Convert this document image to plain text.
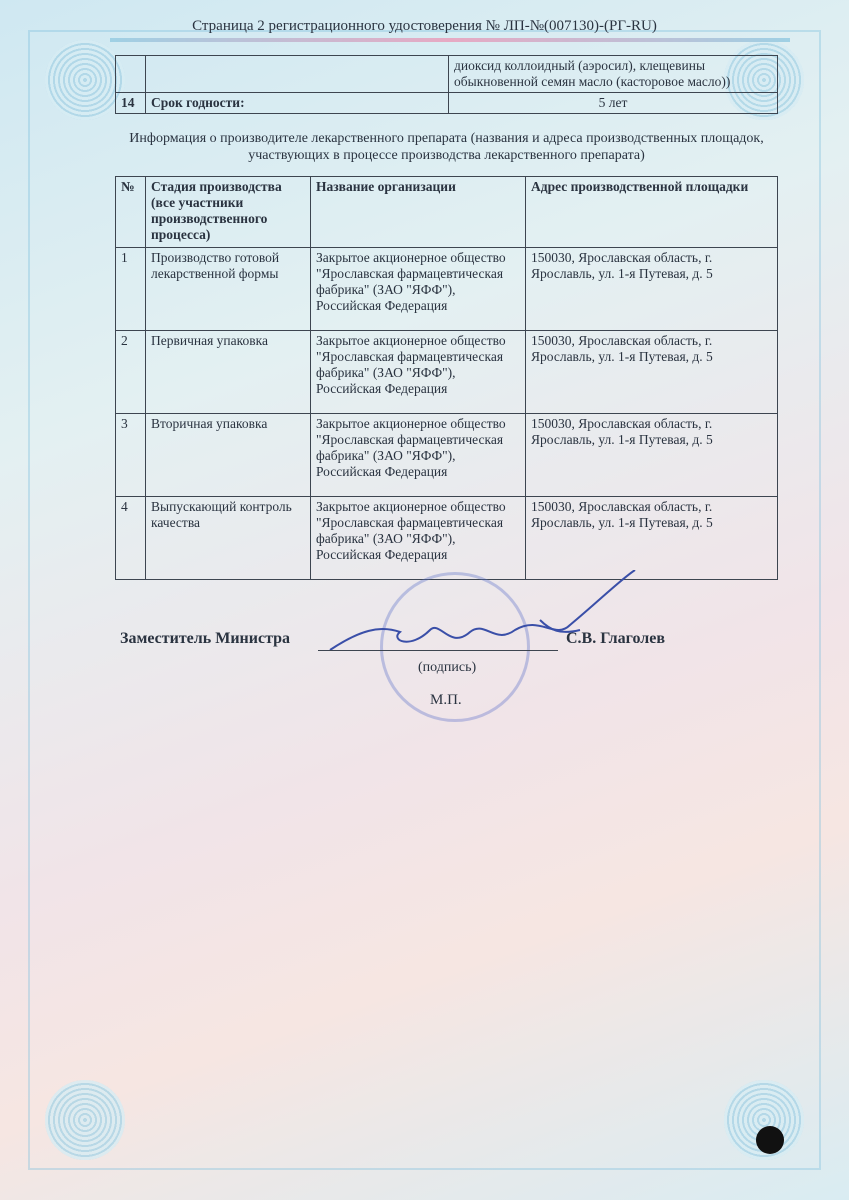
Страница 2 регистрационного удостоверения № ЛП-№(007130)-(РГ-RU)
		диоксид коллоидный (аэросил), клещевины обыкновенной семян масло (касторовое масло))
14	Срок годности:	5 лет
Информация о производителе лекарственного препарата (названия и адреса производственных площадок, участвующих в процессе производства лекарственного препарата)
№	Стадия производства (все участники производственного процесса)	Название организации	Адрес производственной площадки
1	Производство готовой лекарственной формы	Закрытое акционерное общество "Ярославская фармацевтическая фабрика" (ЗАО "ЯФФ"), Российская Федерация	150030, Ярославская область, г. Ярославль, ул. 1-я Путевая, д. 5
2	Первичная упаковка	Закрытое акционерное общество "Ярославская фармацевтическая фабрика" (ЗАО "ЯФФ"), Российская Федерация	150030, Ярославская область, г. Ярославль, ул. 1-я Путевая, д. 5
3	Вторичная упаковка	Закрытое акционерное общество "Ярославская фармацевтическая фабрика" (ЗАО "ЯФФ"), Российская Федерация	150030, Ярославская область, г. Ярославль, ул. 1-я Путевая, д. 5
4	Выпускающий контроль качества	Закрытое акционерное общество "Ярославская фармацевтическая фабрика" (ЗАО "ЯФФ"), Российская Федерация	150030, Ярославская область, г. Ярославль, ул. 1-я Путевая, д. 5
Заместитель Министра	С.В. Глаголев
(подпись)
М.П.
